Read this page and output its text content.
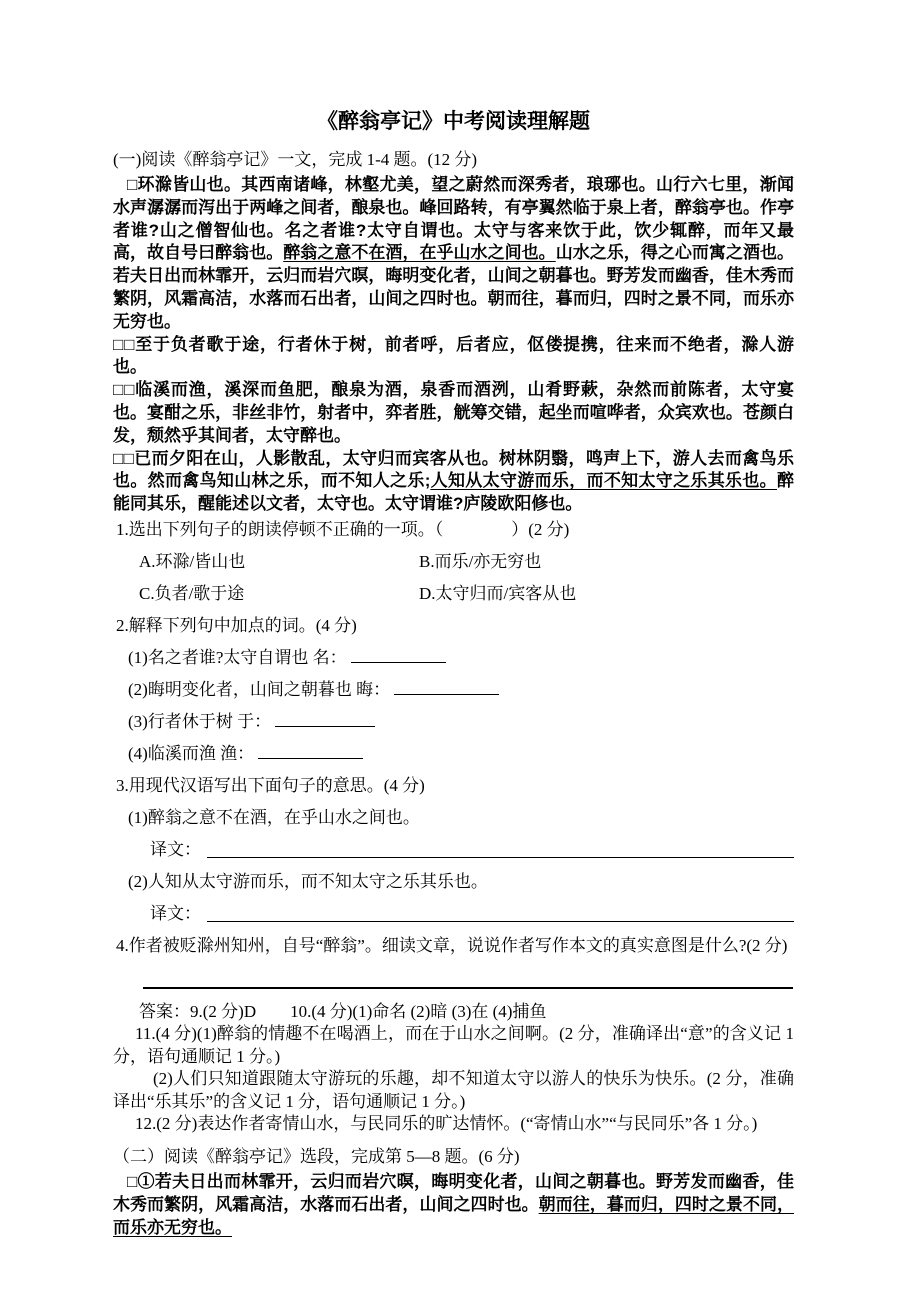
《醉翁亭记》中考阅读理解题

(一)阅读《醉翁亭记》一文，完成 1-4 题。(12 分)

□环滁皆山也。其西南诸峰，林壑尤美，望之蔚然而深秀者，琅琊也。山行六七里，渐闻水声潺潺而泻出于两峰之间者，酿泉也。峰回路转，有亭翼然临于泉上者，醉翁亭也。作亭者谁?山之僧智仙也。名之者谁?太守自谓也。太守与客来饮于此，饮少辄醉，而年又最高，故自号曰醉翁也。醉翁之意不在酒，在乎山水之间也。山水之乐，得之心而寓之酒也。若夫日出而林霏开，云归而岩穴暝，晦明变化者，山间之朝暮也。野芳发而幽香，佳木秀而繁阴，风霜高洁，水落而石出者，山间之四时也。朝而往，暮而归，四时之景不同，而乐亦无穷也。

□□至于负者歌于途，行者休于树，前者呼，后者应，伛偻提携，往来而不绝者，滁人游也。

□□临溪而渔，溪深而鱼肥，酿泉为酒，泉香而酒洌，山肴野蔌，杂然而前陈者，太守宴也。宴酣之乐，非丝非竹，射者中，弈者胜，觥筹交错，起坐而喧哗者，众宾欢也。苍颜白发，颓然乎其间者，太守醉也。

□□已而夕阳在山，人影散乱，太守归而宾客从也。树林阴翳，鸣声上下，游人去而禽鸟乐也。然而禽鸟知山林之乐，而不知人之乐;人知从太守游而乐，而不知太守之乐其乐也。醉能同其乐，醒能述以文者，太守也。太守谓谁?庐陵欧阳修也。

1.选出下列句子的朗读停顿不正确的一项。（　　　　）(2 分)

A.环滁/皆山也	B.而乐/亦无穷也
C.负者/歌于途	D.太守归而/宾客从也

2.解释下列句中加点的词。(4 分)

(1)名之者谁?太守自谓也 名：
(2)晦明变化者，山间之朝暮也 晦：
(3)行者休于树 于：
(4)临溪而渔 渔：

3.用现代汉语写出下面句子的意思。(4 分)

(1)醉翁之意不在酒，在乎山水之间也。
译文：
(2)人知从太守游而乐，而不知太守之乐其乐也。
译文：

4.作者被贬滁州知州，自号“醉翁”。细读文章，说说作者写作本文的真实意图是什么?(2 分)

答案：9.(2 分)D　　10.(4 分)(1)命名 (2)暗 (3)在 (4)捕鱼

11.(4 分)(1)醉翁的情趣不在喝酒上，而在于山水之间啊。(2 分，准确译出“意”的含义记 1 分，语句通顺记 1 分。)

(2)人们只知道跟随太守游玩的乐趣，却不知道太守以游人的快乐为快乐。(2 分，准确译出“乐其乐”的含义记 1 分，语句通顺记 1 分。)

12.(2 分)表达作者寄情山水，与民同乐的旷达情怀。(“寄情山水”“与民同乐”各 1 分。)

（二）阅读《醉翁亭记》选段，完成第 5—8 题。(6 分)

□①若夫日出而林霏开，云归而岩穴暝，晦明变化者，山间之朝暮也。野芳发而幽香，佳木秀而繁阴，风霜高洁，水落而石出者，山间之四时也。朝而往，暮而归，四时之景不同，而乐亦无穷也。
